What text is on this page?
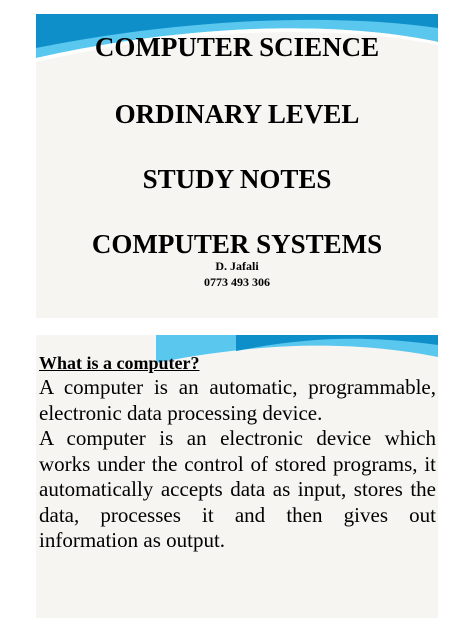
COMPUTER SCIENCE
ORDINARY LEVEL
STUDY NOTES
COMPUTER SYSTEMS
D. Jafali
0773 493 306
What is a computer?

A computer is an automatic, programmable, electronic data processing device.

A computer is an electronic device which works under the control of stored programs, it automatically accepts data as input, stores the data, processes it and then gives out information as output.
